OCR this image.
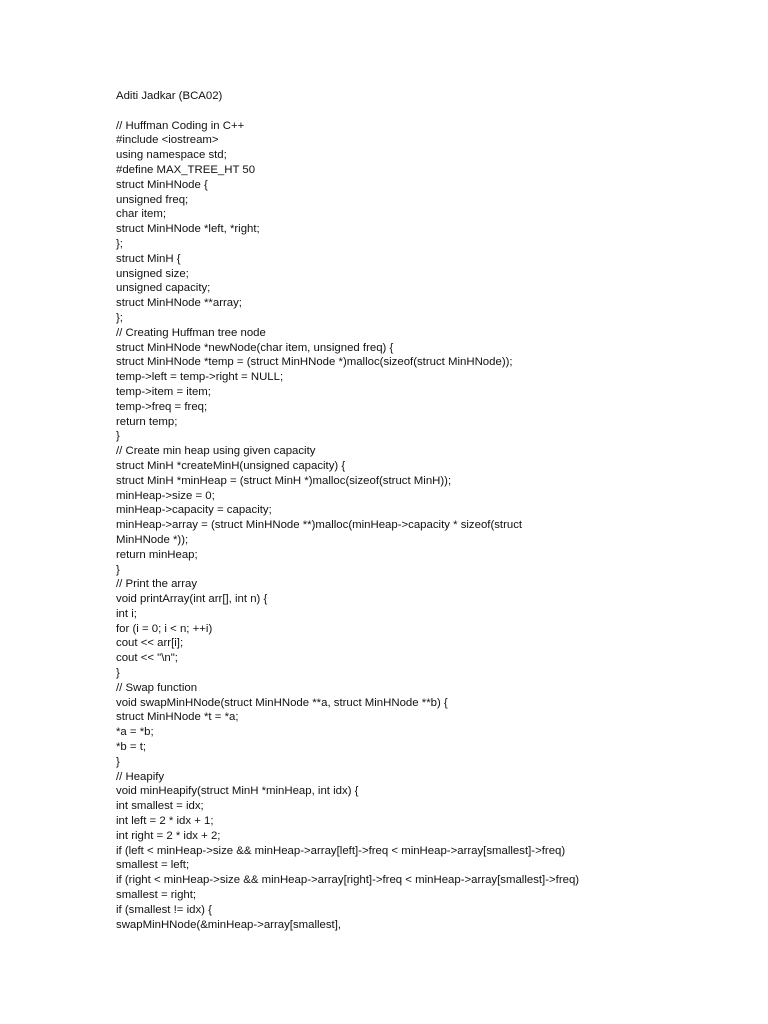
Aditi Jadkar (BCA02)
// Huffman Coding in C++
#include <iostream>
using namespace std;
#define MAX_TREE_HT 50
struct MinHNode {
unsigned freq;
char item;
struct MinHNode *left, *right;
};
struct MinH {
unsigned size;
unsigned capacity;
struct MinHNode **array;
};
// Creating Huffman tree node
struct MinHNode *newNode(char item, unsigned freq) {
struct MinHNode *temp = (struct MinHNode *)malloc(sizeof(struct MinHNode));
temp->left = temp->right = NULL;
temp->item = item;
temp->freq = freq;
return temp;
}
// Create min heap using given capacity
struct MinH *createMinH(unsigned capacity) {
struct MinH *minHeap = (struct MinH *)malloc(sizeof(struct MinH));
minHeap->size = 0;
minHeap->capacity = capacity;
minHeap->array = (struct MinHNode **)malloc(minHeap->capacity * sizeof(struct
MinHNode *));
return minHeap;
}
// Print the array
void printArray(int arr[], int n) {
int i;
for (i = 0; i < n; ++i)
cout << arr[i];
cout << "\n";
}
// Swap function
void swapMinHNode(struct MinHNode **a, struct MinHNode **b) {
struct MinHNode *t = *a;
*a = *b;
*b = t;
}
// Heapify
void minHeapify(struct MinH *minHeap, int idx) {
int smallest = idx;
int left = 2 * idx + 1;
int right = 2 * idx + 2;
if (left < minHeap->size && minHeap->array[left]->freq < minHeap->array[smallest]->freq)
smallest = left;
if (right < minHeap->size && minHeap->array[right]->freq < minHeap->array[smallest]->freq)
smallest = right;
if (smallest != idx) {
swapMinHNode(&minHeap->array[smallest],
